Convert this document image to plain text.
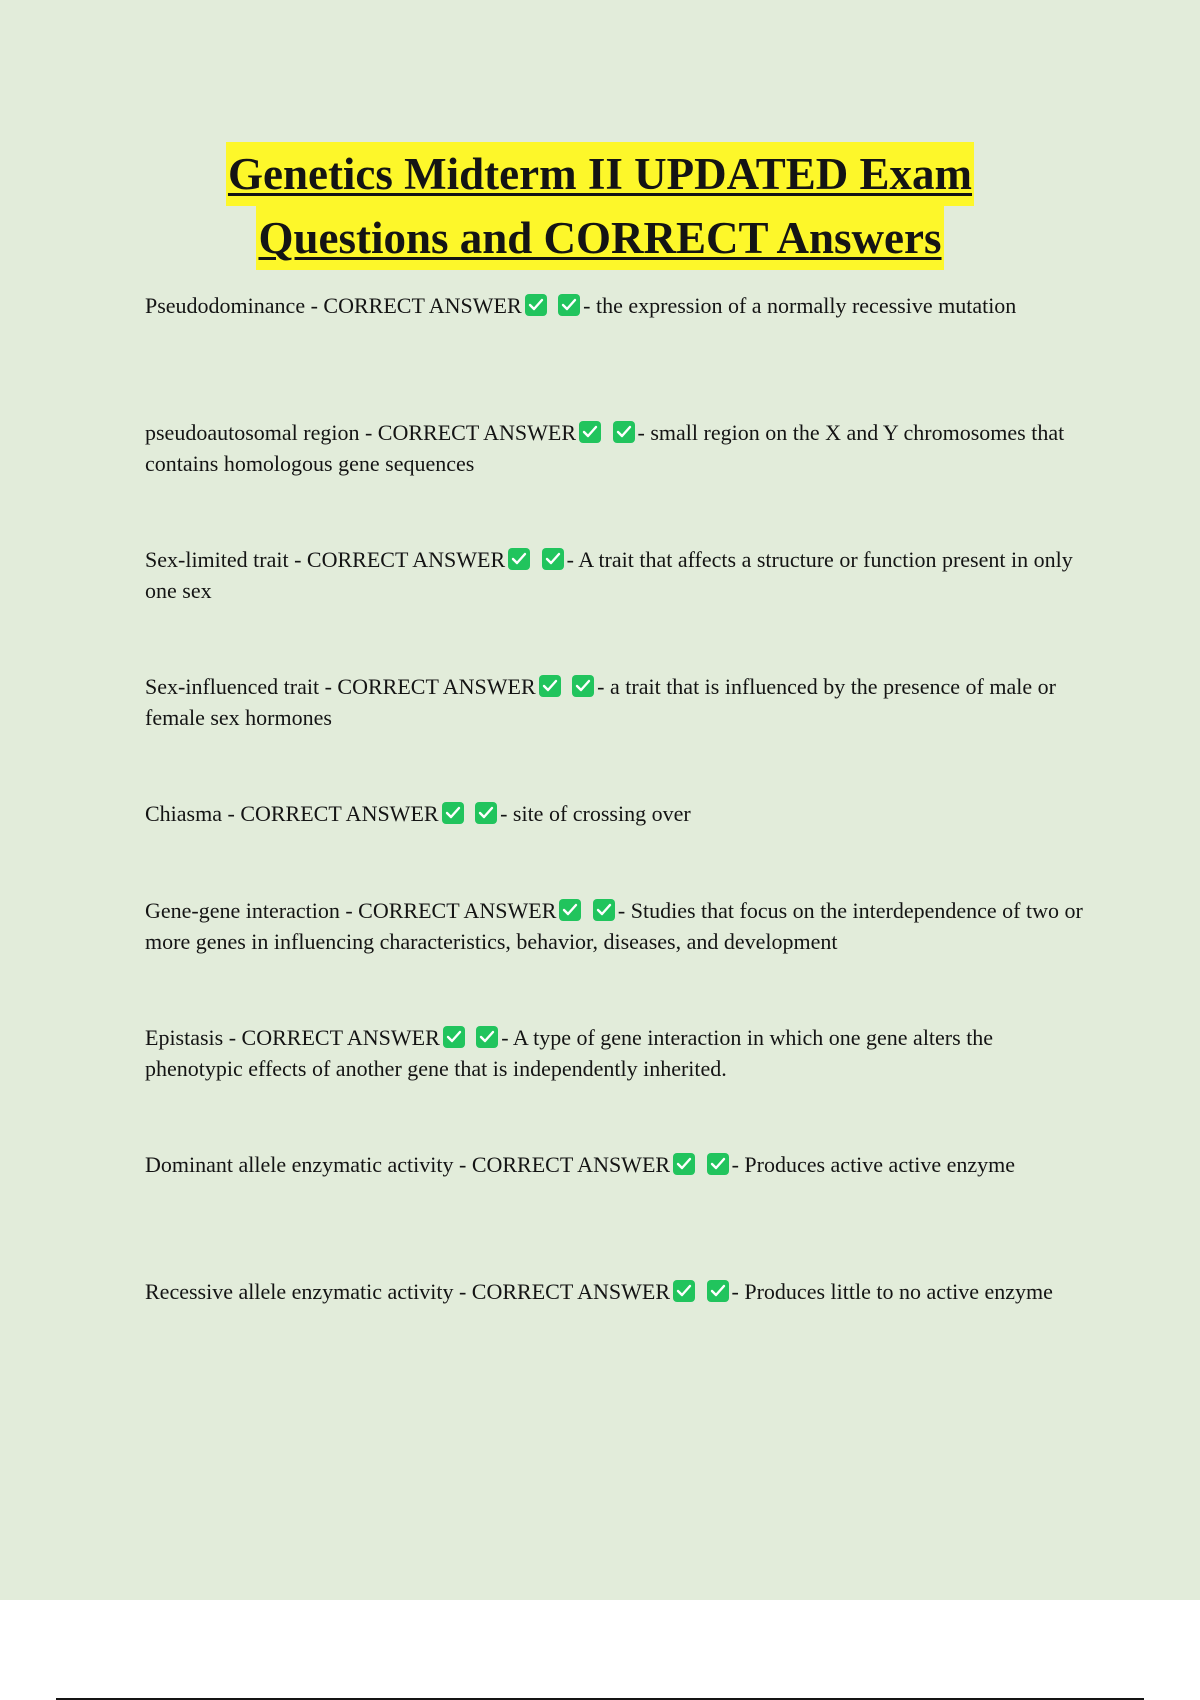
Genetics Midterm II UPDATED Exam
Questions and CORRECT Answers
Pseudodominance - CORRECT ANSWER
	- the expression of a normally recessive mutation
pseudoautosomal region - CORRECT ANSWER
	- small region on the X and Y chromosomes that contains homologous gene sequences
Sex-limited trait - CORRECT ANSWER
	- A trait that affects a structure or function present in only one sex
Sex-influenced trait - CORRECT ANSWER
	- a trait that is influenced by the presence of male or female sex hormones
Chiasma - CORRECT ANSWER
	- site of crossing over
Gene-gene interaction - CORRECT ANSWER
	- Studies that focus on the interdependence of two or more genes in influencing characteristics, behavior, diseases, and development
Epistasis - CORRECT ANSWER
	- A type of gene interaction in which one gene alters the phenotypic effects of another gene that is independently inherited.
Dominant allele enzymatic activity - CORRECT ANSWER
	- Produces active active enzyme
Recessive allele enzymatic activity - CORRECT ANSWER
	- Produces little to no active enzyme
